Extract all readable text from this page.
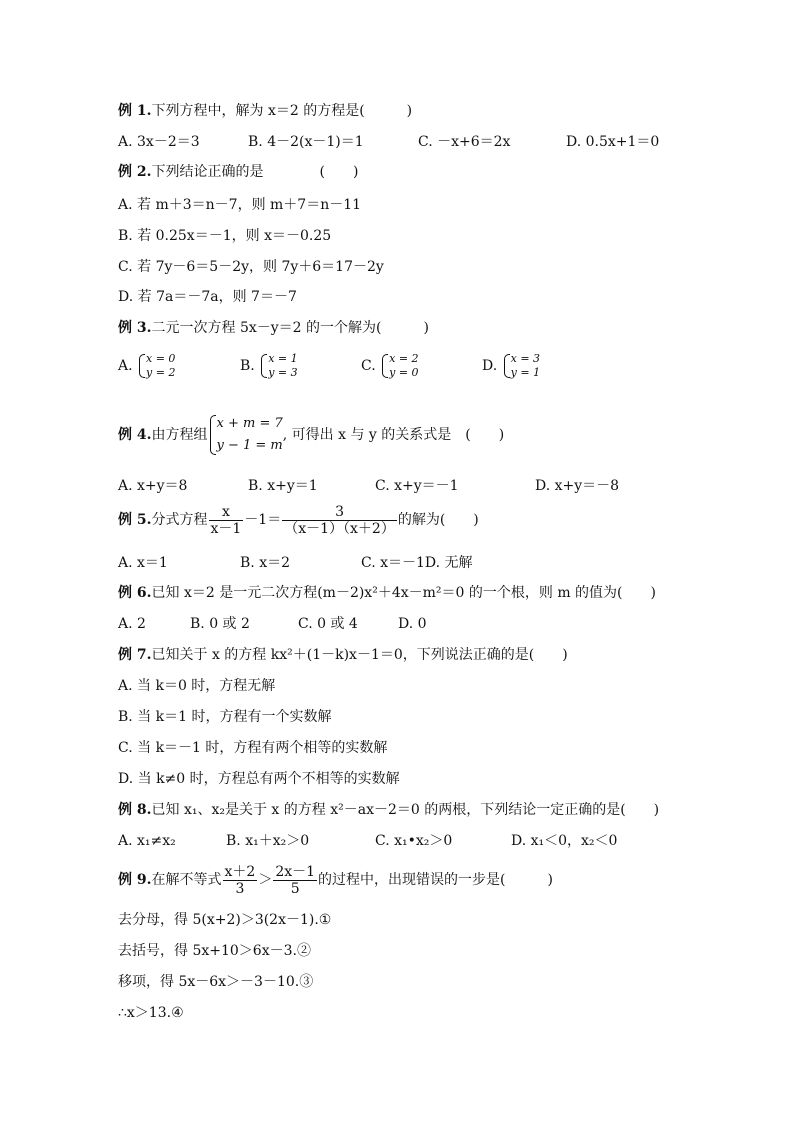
例 1.下列方程中，解为 x＝2 的方程是(　　　)
A. 3x－2＝3	B. 4－2(x－1)＝1	C. －x+6＝2x	D. 0.5x+1＝0
例 2.下列结论正确的是　　　　(　　)
A. 若 m＋3＝n－7，则 m＋7＝n－11
B. 若 0.25x＝－1，则 x＝－0.25
C. 若 7y－6＝5－2y，则 7y＋6＝17－2y
D. 若 7a＝－7a，则 7＝－7
例 3.二元一次方程 5x－y＝2 的一个解为(　　　)
A. x = 0
y = 2	B. x = 1
y = 3	C. x = 2
y = 0	D. x = 3
y = 1
例 4.由方程组
x + m = 7
y − 1 = m
, 可得出 x 与 y 的关系式是　(　　)
A. x+y＝8	B. x+y＝1	C. x+y＝－1	D. x+y＝－8
例 5.分式方程 $\frac{x}{x-1} -1= \frac{3}{(x-1)(x+2)}$ 的解为(　　)
A. x＝1	B. x＝2	C. x＝－1D. 无解
例 6.已知 x＝2 是一元二次方程(m－2)x²＋4x－m²＝0 的一个根，则 m 的值为(　　)
A. 2	B. 0 或 2	C. 0 或 4	D. 0
例 7.已知关于 x 的方程 kx²＋(1－k)x－1＝0，下列说法正确的是(　　)
A. 当 k＝0 时，方程无解
B. 当 k＝1 时，方程有一个实数解
C. 当 k＝－1 时，方程有两个相等的实数解
D. 当 k≠0 时，方程总有两个不相等的实数解
例 8.已知 x₁、x₂是关于 x 的方程 x²－ax－2＝0 的两根，下列结论一定正确的是(　　)
A. x₁≠x₂	B. x₁＋x₂＞0	C. x₁•x₂＞0	D. x₁＜0，x₂＜0
例 9.在解不等式 $\frac{x+2}{3} > \frac{2x-1}{5}$ 的过程中，出现错误的一步是(　　　)
去分母，得 5(x+2)＞3(2x－1).①
去括号，得 5x+10＞6x－3.②
移项，得 5x－6x＞－3－10.③
∴x＞13.④
